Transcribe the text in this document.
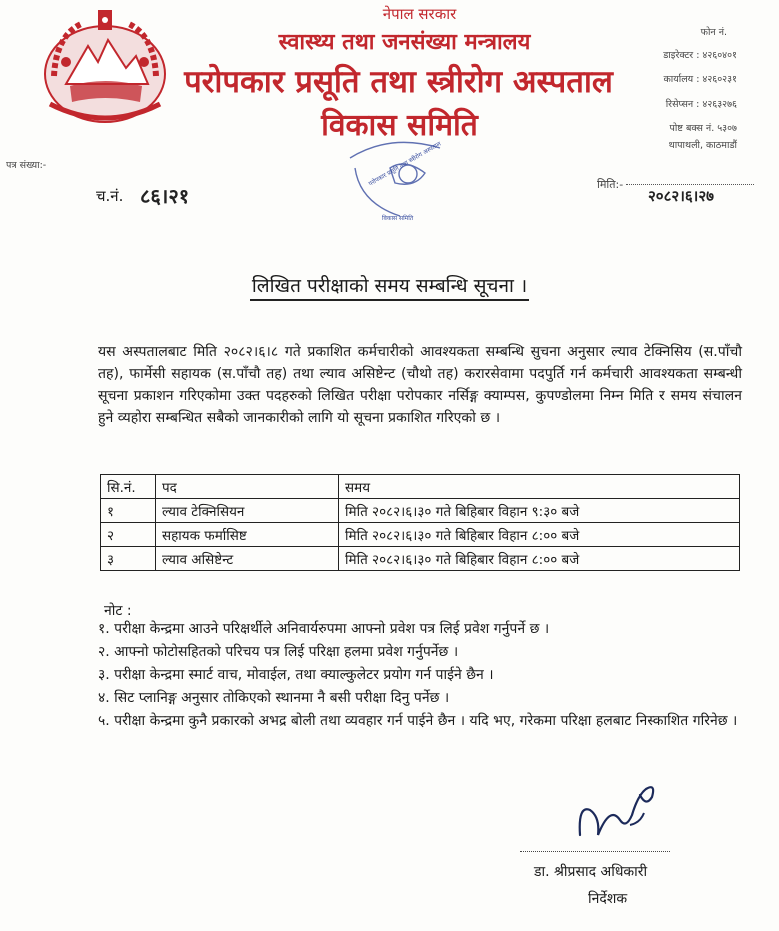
नेपाल सरकार
स्वास्थ्य तथा जनसंख्या मन्त्रालय
परोपकार प्रसूति तथा स्त्रीरोग अस्पताल
विकास समिति
फोन नं.
डाइरेक्टर : ४२६०४०१
कार्यालय : ४२६०२३१
रिसेप्सन : ४२६३२७६
पोष्ट बक्स नं. ५३०७
थापाथली, काठमाडौं
पत्र संख्या:-
च.नं. ८६।२१
परोपकार प्रसूति तथा स्त्रीरोग अस्पताल
विकास समिति
मिति:-
२०८२।६।२७
लिखित परीक्षाको समय सम्बन्धि सूचना ।

यस अस्पतालबाट मिति २०८२।६।८ गते प्रकाशित कर्मचारीको आवश्यकता सम्बन्धि सुचना अनुसार ल्याव टेक्निसिय (स.पाँचौ तह), फार्मेसी सहायक (स.पाँचौ तह) तथा ल्याव असिष्टेन्ट (चौथो तह) करारसेवामा पदपुर्ति गर्न कर्मचारी आवश्यकता सम्बन्धी सूचना प्रकाशन गरिएकोमा उक्त पदहरुको लिखित परीक्षा परोपकार नर्सिङ्ग क्याम्पस, कुपण्डोलमा निम्न मिति र समय संचालन हुने व्यहोरा सम्बन्धित सबैको जानकारीको लागि यो सूचना प्रकाशित गरिएको छ ।

सि.नं.	पद	समय
१	ल्याव टेक्निसियन	मिति २०८२।६।३० गते बिहिबार विहान ९:३० बजे
२	सहायक फर्मासिष्ट	मिति २०८२।६।३० गते बिहिबार विहान ८:०० बजे
३	ल्याव असिष्टेन्ट	मिति २०८२।६।३० गते बिहिबार विहान ८:०० बजे
नोट :
१. परीक्षा केन्द्रमा आउने परिक्षर्थीले अनिवार्यरुपमा आफ्नो प्रवेश पत्र लिई प्रवेश गर्नुपर्ने छ ।
२. आफ्नो फोटोसहितको परिचय पत्र लिई परिक्षा हलमा प्रवेश गर्नुपर्नेछ ।
३. परीक्षा केन्द्रमा स्मार्ट वाच, मोवाईल, तथा क्याल्कुलेटर प्रयोग गर्न पाईने छैन ।
४. सिट प्लानिङ्ग अनुसार तोकिएको स्थानमा नै बसी परीक्षा दिनु पर्नेछ ।
५. परीक्षा केन्द्रमा कुनै प्रकारको अभद्र बोली तथा व्यवहार गर्न पाईने छैन । यदि भए, गरेकमा परिक्षा हलबाट निस्काशित गरिनेछ ।
डा. श्रीप्रसाद अधिकारी
निर्देशक
